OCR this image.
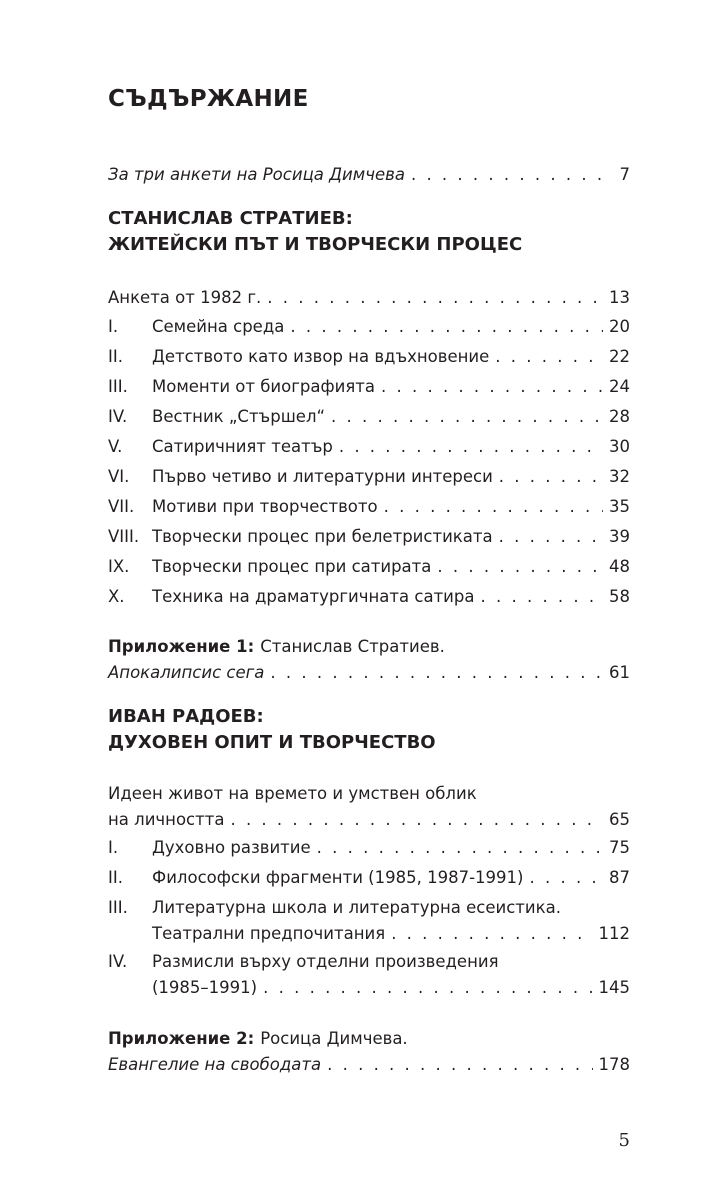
СЪДЪРЖАНИЕ
За три анкети на Росица Димчева . . .	7
СТАНИСЛАВ СТРАТИЕВ:
ЖИТЕЙСКИ ПЪТ И ТВОРЧЕСКИ ПРОЦЕС
Анкета от 1982 г. . . .	13
I.	Семейна среда . . .	20
II.	Детството като извор на вдъхновение . . .	22
III.	Моменти от биографията . . .	24
IV.	Вестник „Стършел“ . . .	28
V.	Сатиричният театър . . .	30
VI.	Първо четиво и литературни интереси . . .	32
VII.	Мотиви при творчеството . . .	35
VIII. Творчески процес при белетристиката . . .	39
IX.	Творчески процес при сатирата . . .	48
X.	Техника на драматургичната сатира . . .	58
Приложение 1: Станислав Стратиев.
Апокалипсис сега . . .	61
ИВАН РАДОЕВ:
ДУХОВЕН ОПИТ И ТВОРЧЕСТВО
Идеен живот на времето и умствен облик
на личността . . .	65
I.	Духовно развитие . . .	75
II.	Философски фрагменти (1985, 1987-1991) . . .	87
III.	Литературна школа и литературна есеистика.
Театрални предпочитания . . .	112
IV.	Размисли върху отделни произведения
(1985–1991) . . .	145
Приложение 2: Росица Димчева.
Евангелие на свободата . . .	178
5
